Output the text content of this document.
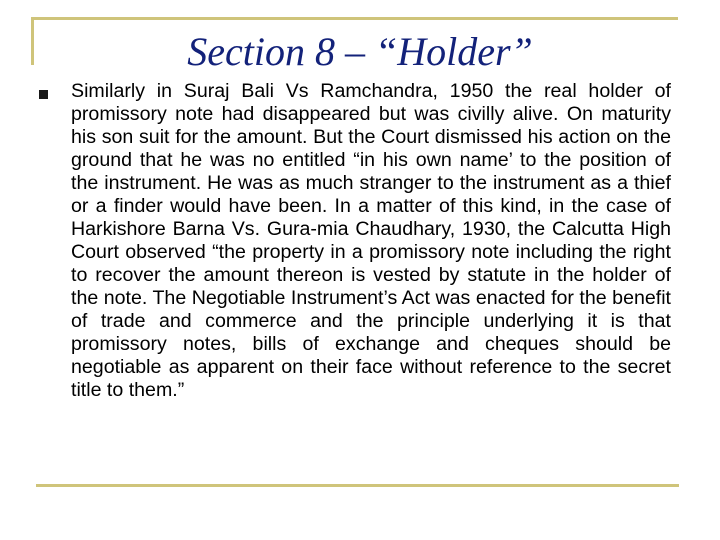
Section 8 – “Holder”

Similarly in Suraj Bali Vs Ramchandra, 1950 the real holder of promissory note had disappeared but was civilly alive. On maturity his son suit for the amount. But the Court dismissed his action on the ground that he was no entitled “in his own name’ to the position of the instrument. He was as much stranger to the instrument as a thief or a finder would have been. In a matter of this kind, in the case of Harkishore Barna Vs. Gura-mia Chaudhary, 1930, the Calcutta High Court observed “the property in a promissory note including the right to recover the amount thereon is vested by statute in the holder of the note. The Negotiable Instrument’s Act was enacted for the benefit of trade and commerce and the principle underlying it is that promissory notes, bills of exchange and cheques should be negotiable as apparent on their face without reference to the secret title to them.”
